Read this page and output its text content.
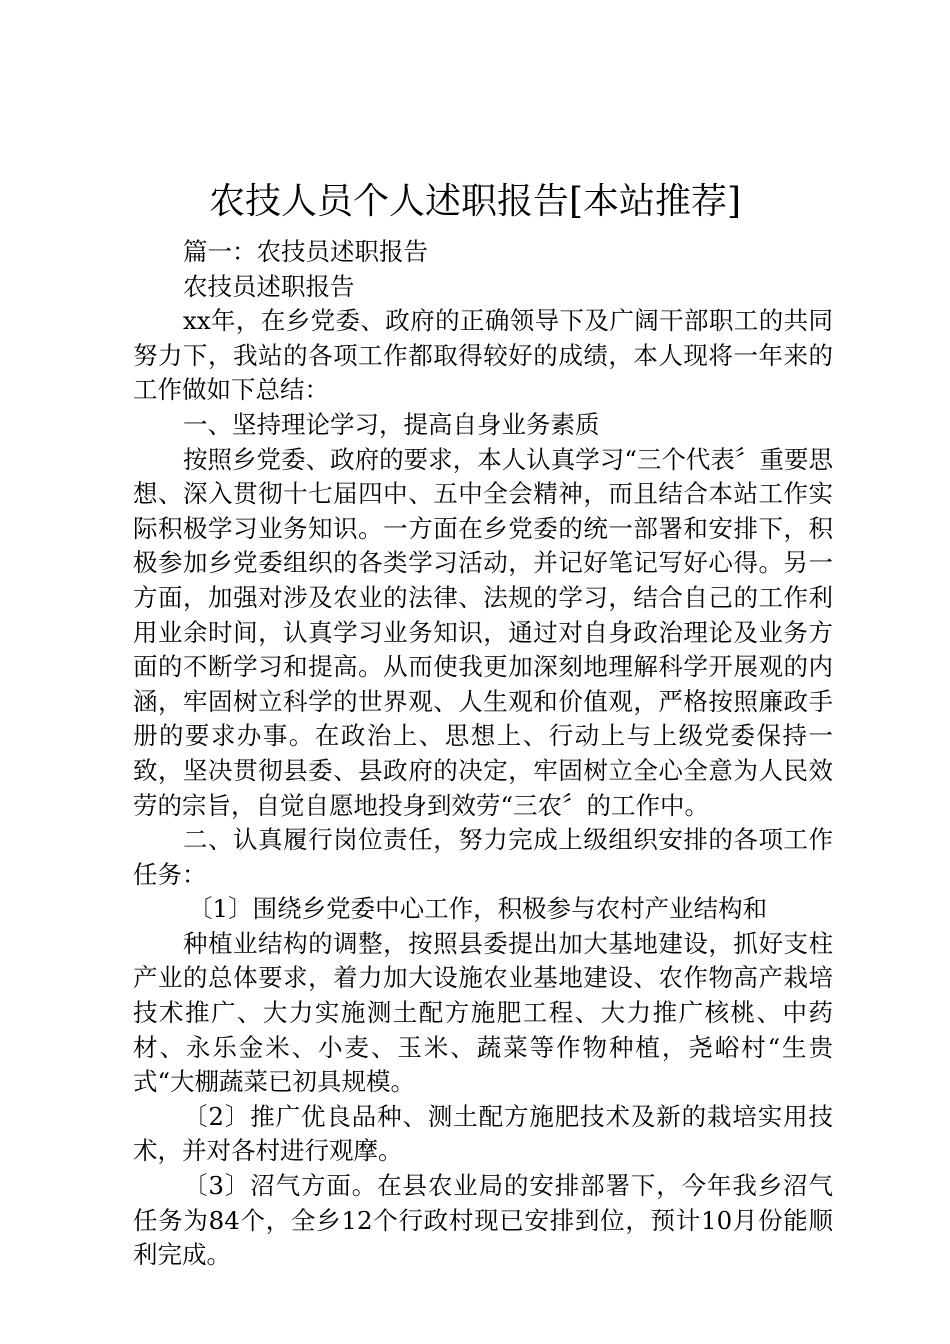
农技人员个人述职报告[本站推荐]

篇一：农技员述职报告

农技员述职报告

xx年，在乡党委、政府的正确领导下及广阔干部职工的共同努力下，我站的各项工作都取得较好的成绩，本人现将一年来的工作做如下总结：

一、坚持理论学习，提高自身业务素质

按照乡党委、政府的要求，本人认真学习“三个代表〞重要思想、深入贯彻十七届四中、五中全会精神，而且结合本站工作实际积极学习业务知识。一方面在乡党委的统一部署和安排下，积极参加乡党委组织的各类学习活动，并记好笔记写好心得。另一方面，加强对涉及农业的法律、法规的学习，结合自己的工作利用业余时间，认真学习业务知识，通过对自身政治理论及业务方面的不断学习和提高。从而使我更加深刻地理解科学开展观的内涵，牢固树立科学的世界观、人生观和价值观，严格按照廉政手册的要求办事。在政治上、思想上、行动上与上级党委保持一致，坚决贯彻县委、县政府的决定，牢固树立全心全意为人民效劳的宗旨，自觉自愿地投身到效劳“三农〞的工作中。

二、认真履行岗位责任，努力完成上级组织安排的各项工作任务：

〔1〕围绕乡党委中心工作，积极参与农村产业结构和

种植业结构的调整，按照县委提出加大基地建设，抓好支柱产业的总体要求，着力加大设施农业基地建设、农作物高产栽培技术推广、大力实施测土配方施肥工程、大力推广核桃、中药材、永乐金米、小麦、玉米、蔬菜等作物种植，尧峪村“生贵式“大棚蔬菜已初具规模。

〔2〕推广优良品种、测土配方施肥技术及新的栽培实用技术，并对各村进行观摩。

〔3〕沼气方面。在县农业局的安排部署下，今年我乡沼气任务为84个，全乡12个行政村现已安排到位，预计10月份能顺利完成。
